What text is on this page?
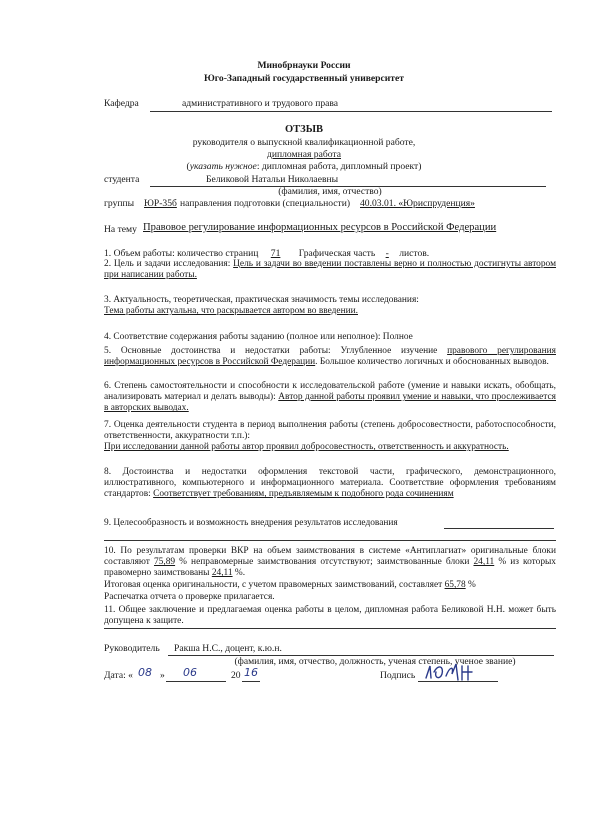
Минобрнауки России
Юго-Западный государственный университет
Кафедра	административного и трудового права
ОТЗЫВ
руководителя о выпускной квалификационной работе,
дипломная работа
(указать нужное: дипломная работа, дипломный проект)
студента	Беликовой Натальи Николаевны
(фамилия, имя, отчество)
группы ЮР-35б направления подготовки (специальности) 40.03.01. «Юриспруденция»
На тему Правовое регулирование информационных ресурсов в Российской Федерации
1. Объем работы: количество страниц 71 Графическая часть - листов.
2. Цель и задачи исследования: Цель и задачи во введении поставлены верно и полностью достигнуты автором при написании работы.
3. Актуальность, теоретическая, практическая значимость темы исследования:
Тема работы актуальна, что раскрывается автором во введении.
4. Соответствие содержания работы заданию (полное или неполное): Полное
5. Основные достоинства и недостатки работы: Углубленное изучение правового регулирования информационных ресурсов в Российской Федерации. Большое количество логичных и обоснованных выводов.
6. Степень самостоятельности и способности к исследовательской работе (умение и навыки искать, обобщать, анализировать материал и делать выводы): Автор данной работы проявил умение и навыки, что прослеживается в авторских выводах.
7. Оценка деятельности студента в период выполнения работы (степень добросовестности, работоспособности, ответственности, аккуратности т.п.):
При исследовании данной работы автор проявил добросовестность, ответственность и аккуратность.
8. Достоинства и недостатки оформления текстовой части, графического, демонстрационного, иллюстративного, компьютерного и информационного материала. Соответствие оформления требованиям стандартов: Соответствует требованиям, предъявляемым к подобного рода сочинениям
9. Целесообразность и возможность внедрения результатов исследования
10. По результатам проверки ВКР на объем заимствования в системе «Антиплагиат» оригинальные блоки составляют 75,89 % неправомерные заимствования отсутствуют; заимствованные блоки 24,11 % из которых правомерно заимствованы 24,11 %.
Итоговая оценка оригинальности, с учетом правомерных заимствований, составляет 65,78 %
Распечатка отчета о проверке прилагается.
11. Общее заключение и предлагаемая оценка работы в целом, дипломная работа Беликовой Н.Н. может быть допущена к защите.
Руководитель Ракша Н.С., доцент, к.ю.н.
(фамилия, имя, отчество, должность, ученая степень, ученое звание)
Дата: « 08 » 06	20 16	Подпись
